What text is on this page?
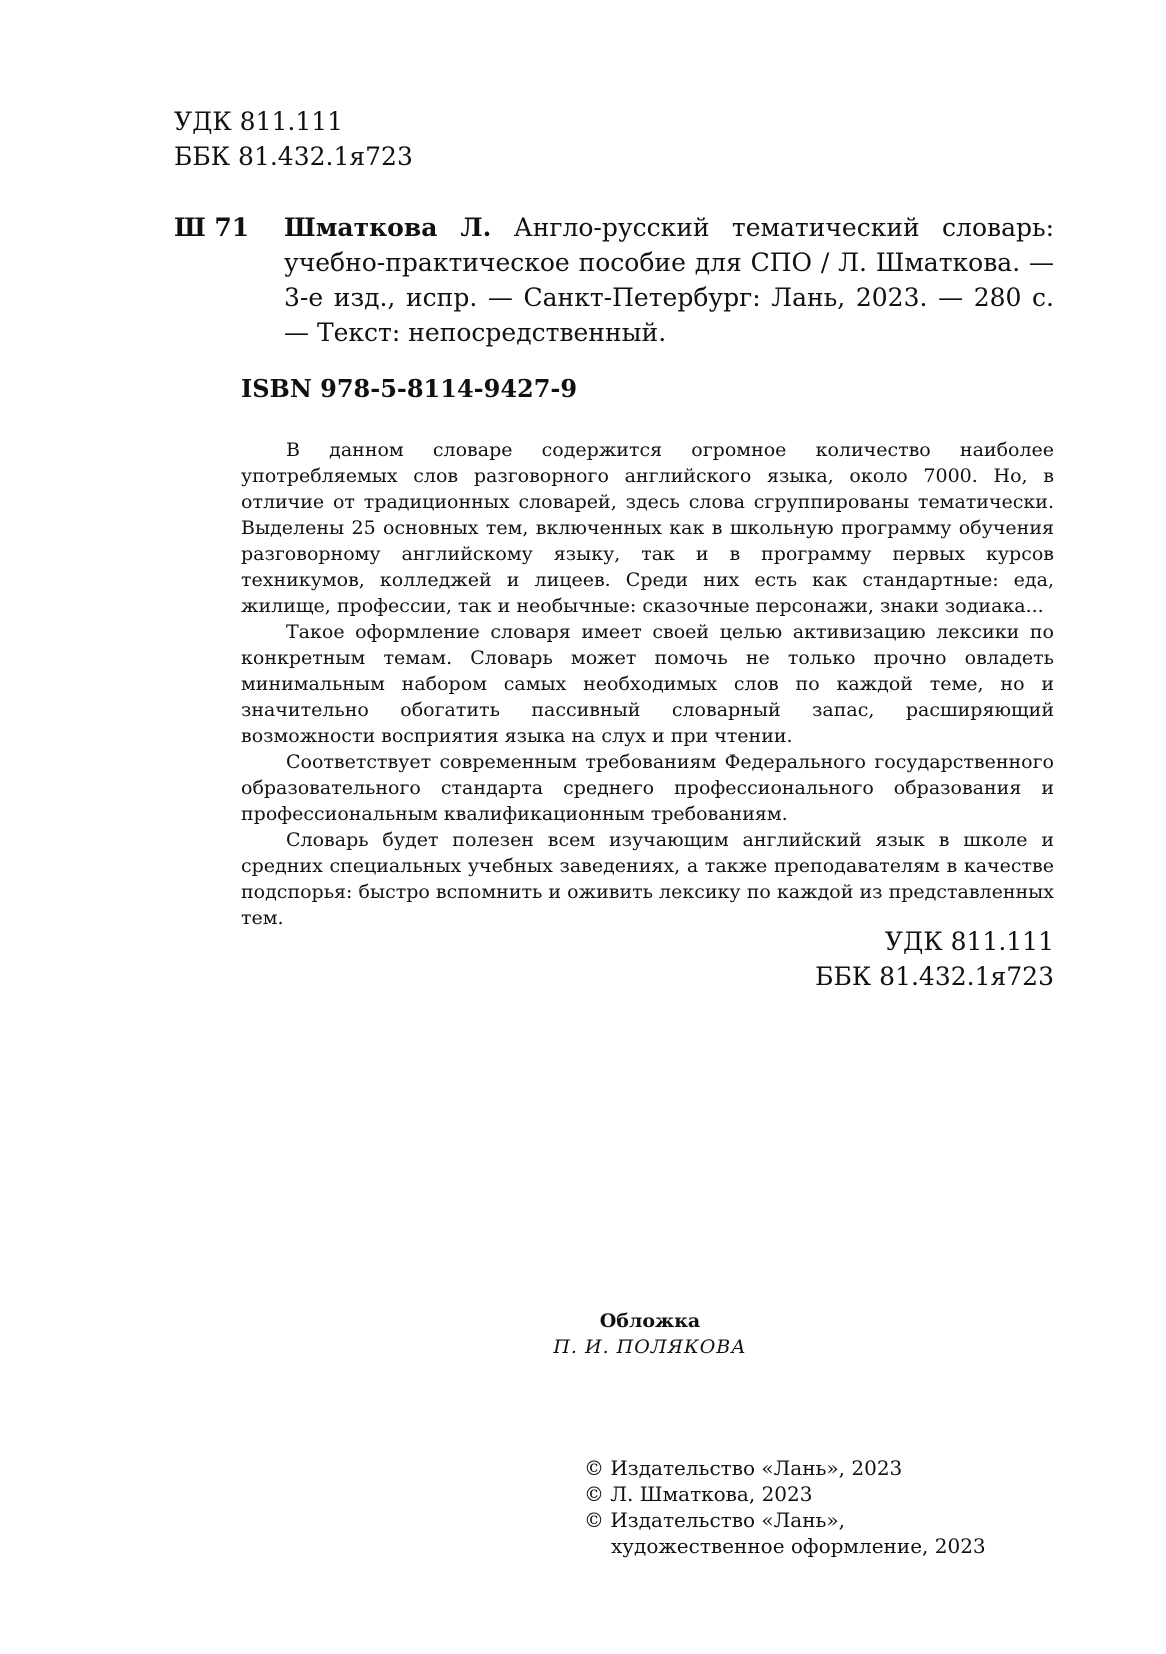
УДК 811.111
ББК 81.432.1я723
Ш 71 Шматкова Л. Англо-русский тематический словарь: учебно-практическое пособие для СПО / Л. Шматкова. — 3-е изд., испр. — Санкт-Петербург: Лань, 2023. — 280 с. — Текст: непосредственный.
ISBN 978-5-8114-9427-9

В данном словаре содержится огромное количество наиболее употребляемых слов разговорного английского языка, около 7000. Но, в отличие от традиционных словарей, здесь слова сгруппированы тематически. Выделены 25 основных тем, включенных как в школьную программу обучения разговорному английскому языку, так и в программу первых курсов техникумов, колледжей и лицеев. Среди них есть как стандартные: еда, жилище, профессии, так и необычные: сказочные персонажи, знаки зодиака...

Такое оформление словаря имеет своей целью активизацию лексики по конкретным темам. Словарь может помочь не только прочно овладеть минимальным набором самых необходимых слов по каждой теме, но и значительно обогатить пассивный словарный запас, расширяющий возможности восприятия языка на слух и при чтении.

Соответствует современным требованиям Федерального государственного образовательного стандарта среднего профессионального образования и профессиональным квалификационным требованиям.

Словарь будет полезен всем изучающим английский язык в школе и средних специальных учебных заведениях, а также преподавателям в качестве подспорья: быстро вспомнить и оживить лексику по каждой из представленных тем.

УДК 811.111
ББК 81.432.1я723
Обложка
П. И. ПОЛЯКОВА
© Издательство «Лань», 2023
© Л. Шматкова, 2023
© Издательство «Лань»,
художественное оформление, 2023
